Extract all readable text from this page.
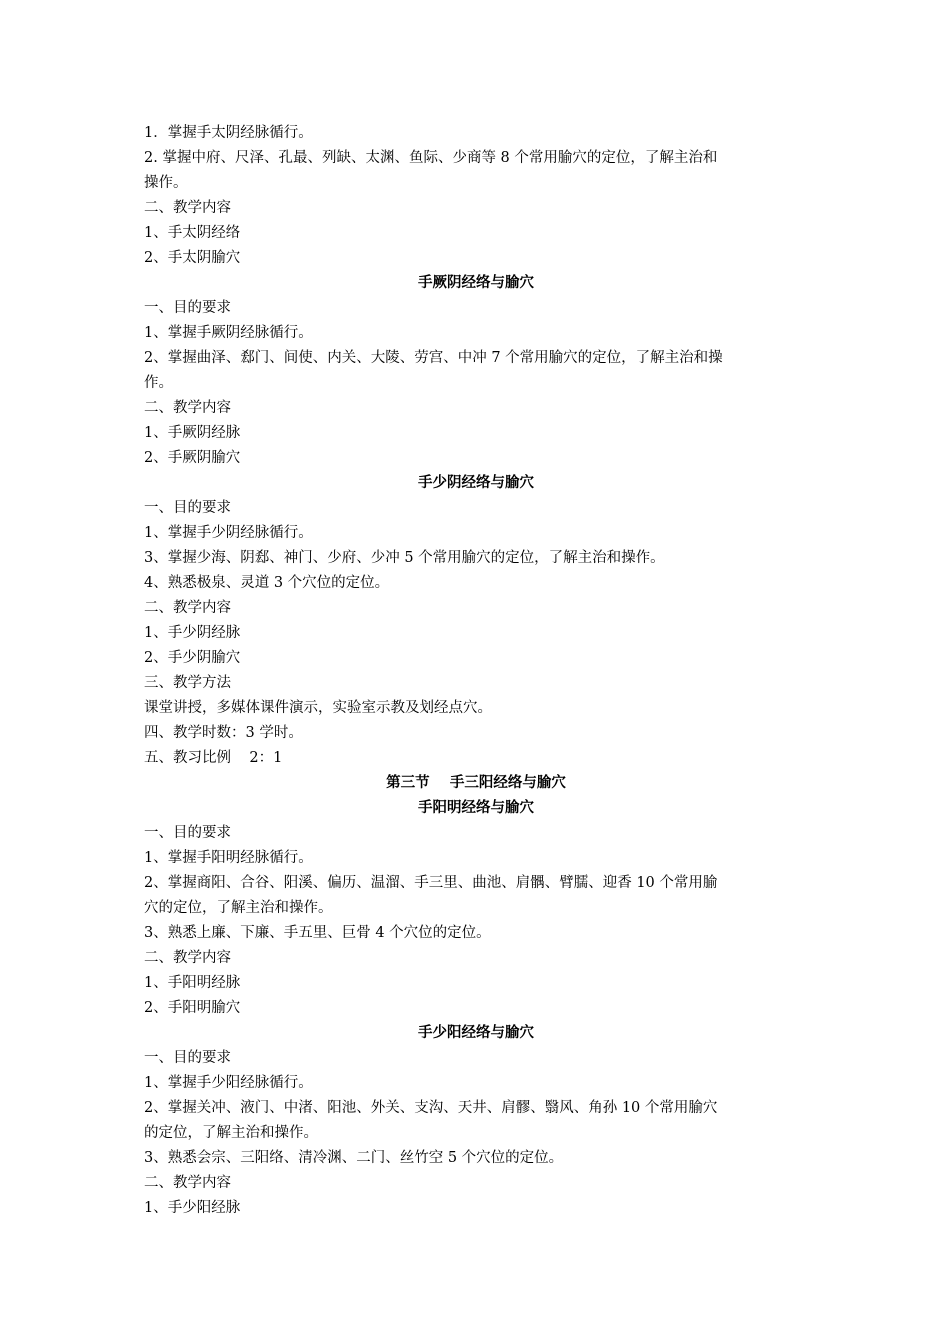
1．掌握手太阴经脉循行。
2. 掌握中府、尺泽、孔最、列缺、太渊、鱼际、少商等 8 个常用腧穴的定位，了解主治和
操作。
二、教学内容
1、手太阴经络
2、手太阴腧穴
手厥阴经络与腧穴
一、目的要求
1、掌握手厥阴经脉循行。
2、掌握曲泽、郄门、间使、内关、大陵、劳宫、中冲 7 个常用腧穴的定位，了解主治和操
作。
二、教学内容
1、手厥阴经脉
2、手厥阴腧穴
手少阴经络与腧穴
一、目的要求
1、掌握手少阴经脉循行。
3、掌握少海、阴郄、神门、少府、少冲 5 个常用腧穴的定位，了解主治和操作。
4、熟悉极泉、灵道 3 个穴位的定位。
二、教学内容
1、手少阴经脉
2、手少阴腧穴
三、教学方法
课堂讲授，多媒体课件演示，实验室示教及划经点穴。
四、教学时数：3 学时。
五、教习比例    2：1
第三节    手三阳经络与腧穴
手阳明经络与腧穴
一、目的要求
1、掌握手阳明经脉循行。
2、掌握商阳、合谷、阳溪、偏历、温溜、手三里、曲池、肩髃、臂臑、迎香 10 个常用腧
穴的定位，了解主治和操作。
3、熟悉上廉、下廉、手五里、巨骨 4 个穴位的定位。
二、教学内容
1、手阳明经脉
2、手阳明腧穴
手少阳经络与腧穴
一、目的要求
1、掌握手少阳经脉循行。
2、掌握关冲、液门、中渚、阳池、外关、支沟、天井、肩髎、翳风、角孙 10 个常用腧穴
的定位，了解主治和操作。
3、熟悉会宗、三阳络、清冷渊、二门、丝竹空 5 个穴位的定位。
二、教学内容
1、手少阳经脉
